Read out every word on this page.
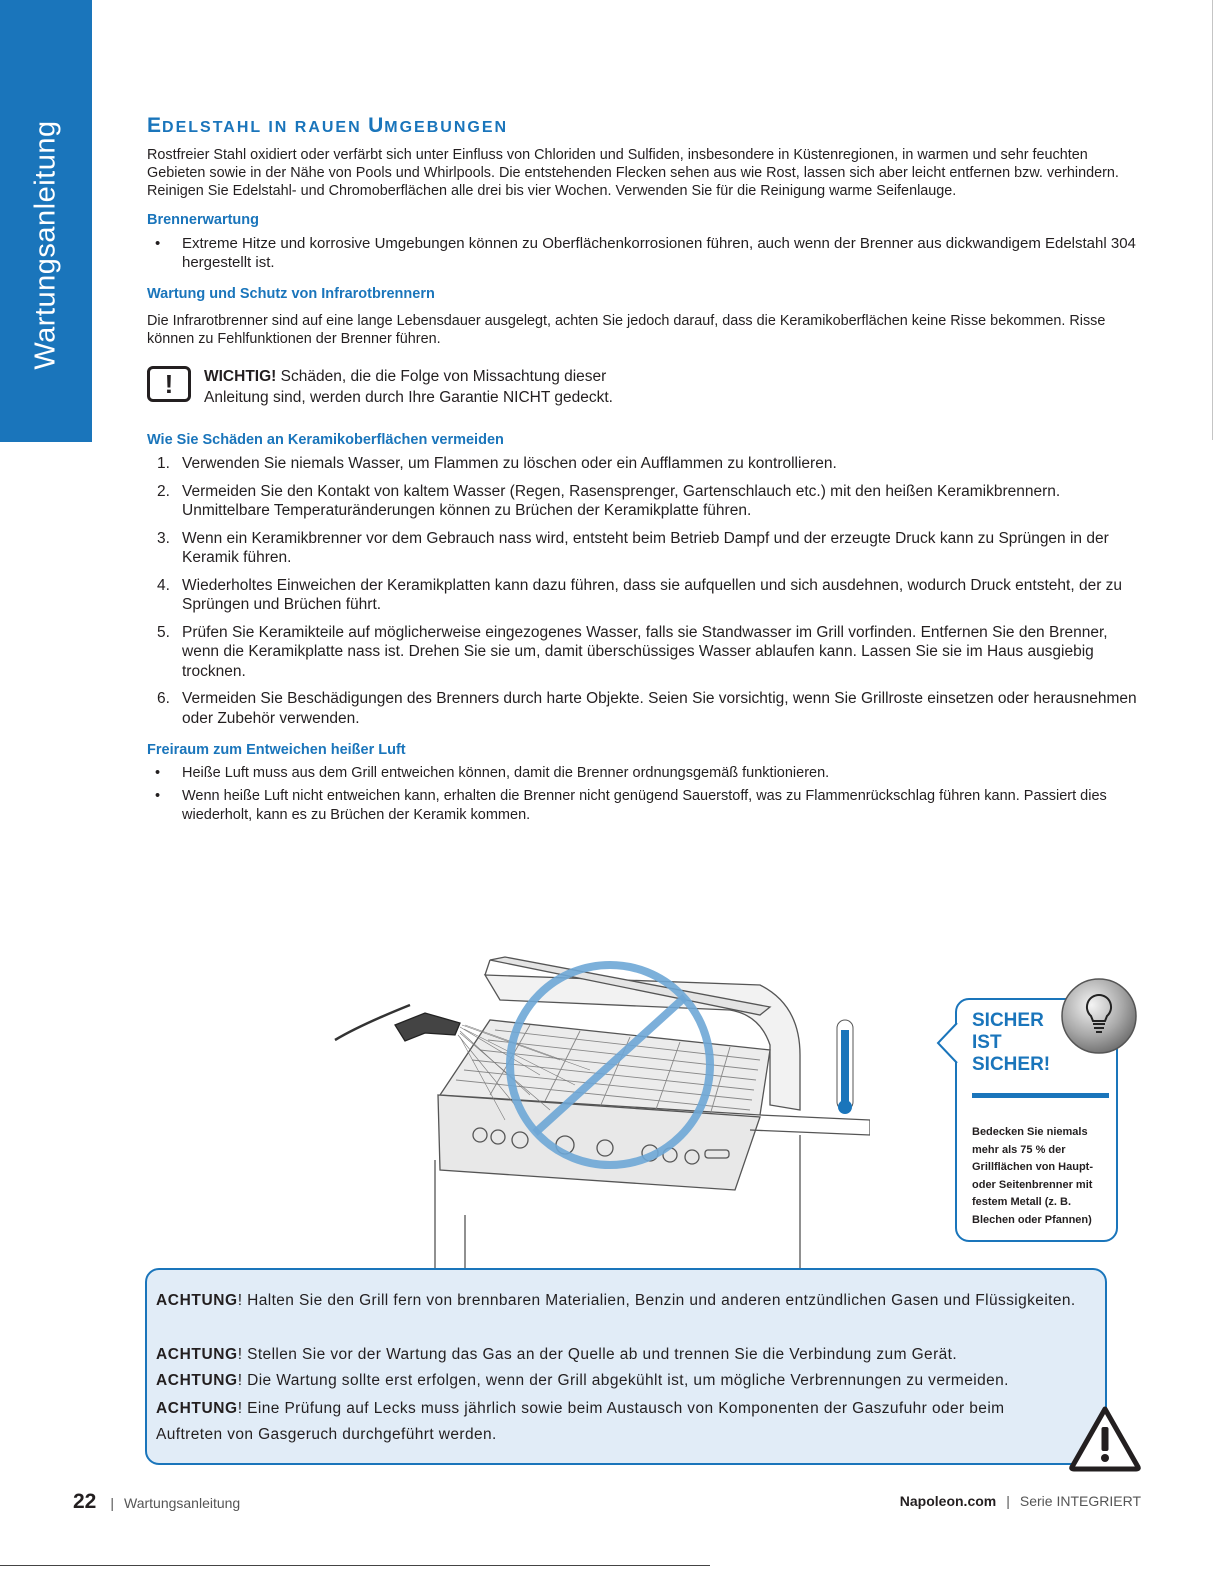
Wartungsanleitung	EDELSTAHL IN RAUEN UMGEBUNGEN

Rostfreier Stahl oxidiert oder verfärbt sich unter Einfluss von Chloriden und Sulfiden, insbesondere in Küstenregionen, in warmen und sehr feuchten Gebieten sowie in der Nähe von Pools und Whirlpools. Die entstehenden Flecken sehen aus wie Rost, lassen sich aber leicht entfernen bzw. verhindern. Reinigen Sie Edelstahl- und Chromoberflächen alle drei bis vier Wochen. Verwenden Sie für die Reinigung warme Seifenlauge.

Brennerwartung
• Extreme Hitze und korrosive Umgebungen können zu Oberflächenkorrosionen führen, auch wenn der Brenner aus dickwandigem Edelstahl 304 hergestellt ist.
Wartung und Schutz von Infrarotbrennern

Die Infrarotbrenner sind auf eine lange Lebensdauer ausgelegt, achten Sie jedoch darauf, dass die Keramikoberflächen keine Risse bekommen. Risse können zu Fehlfunktionen der Brenner führen.

!	WICHTIG! Schäden, die die Folge von Missachtung dieser
Anleitung sind, werden durch Ihre Garantie NICHT gedeckt.
Wie Sie Schäden an Keramikoberflächen vermeiden
1. Verwenden Sie niemals Wasser, um Flammen zu löschen oder ein Aufflammen zu kontrollieren.
2. Vermeiden Sie den Kontakt von kaltem Wasser (Regen, Rasensprenger, Gartenschlauch etc.) mit den heißen Keramikbrennern. Unmittelbare Temperaturänderungen können zu Brüchen der Keramikplatte führen.
3. Wenn ein Keramikbrenner vor dem Gebrauch nass wird, entsteht beim Betrieb Dampf und der erzeugte Druck kann zu Sprüngen in der Keramik führen.
4. Wiederholtes Einweichen der Keramikplatten kann dazu führen, dass sie aufquellen und sich ausdehnen, wodurch Druck entsteht, der zu Sprüngen und Brüchen führt.
5. Prüfen Sie Keramikteile auf möglicherweise eingezogenes Wasser, falls sie Standwasser im Grill vorfinden. Entfernen Sie den Brenner, wenn die Keramikplatte nass ist. Drehen Sie sie um, damit überschüssiges Wasser ablaufen kann. Lassen Sie sie im Haus ausgiebig trocknen.
6. Vermeiden Sie Beschädigungen des Brenners durch harte Objekte. Seien Sie vorsichtig, wenn Sie Grillroste einsetzen oder herausnehmen oder Zubehör verwenden.
Freiraum zum Entweichen heißer Luft
• Heiße Luft muss aus dem Grill entweichen können, damit die Brenner ordnungsgemäß funktionieren.
• Wenn heiße Luft nicht entweichen kann, erhalten die Brenner nicht genügend Sauerstoff, was zu Flammenrückschlag führen kann. Passiert dies wiederholt, kann es zu Brüchen der Keramik kommen.
SICHER
IST
SICHER!
Bedecken Sie niemals mehr als 75 % der Grillflächen von Haupt- oder Seitenbrenner mit festem Metall (z. B. Blechen oder Pfannen)

ACHTUNG! Halten Sie den Grill fern von brennbaren Materialien, Benzin und anderen entzündlichen Gasen und Flüssigkeiten.

ACHTUNG! Stellen Sie vor der Wartung das Gas an der Quelle ab und trennen Sie die Verbindung zum Gerät.

ACHTUNG! Die Wartung sollte erst erfolgen, wenn der Grill abgekühlt ist, um mögliche Verbrennungen zu vermeiden.

ACHTUNG! Eine Prüfung auf Lecks muss jährlich sowie beim Austausch von Komponenten der Gaszufuhr oder beim Auftreten von Gasgeruch durchgeführt werden.

22 | Wartungsanleitung	Napoleon.com | Serie INTEGRIERT
